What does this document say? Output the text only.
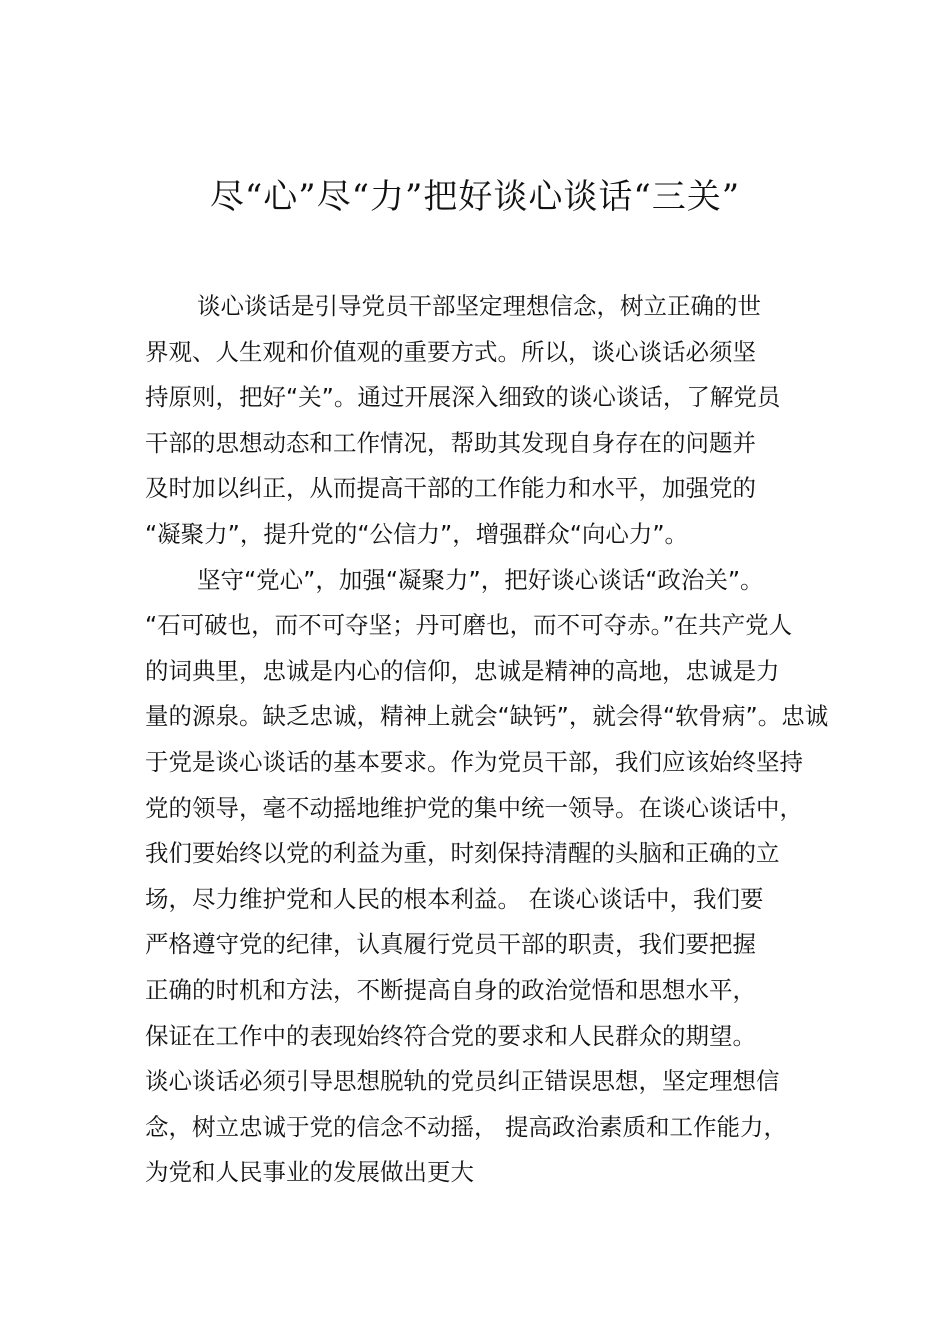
尽“心”尽“力”把好谈心谈话“三关”
谈心谈话是引导党员干部坚定理想信念，树立正确的世
界观、人生观和价值观的重要方式。所以，谈心谈话必须坚
持原则，把好“关”。通过开展深入细致的谈心谈话，了解党员
干部的思想动态和工作情况，帮助其发现自身存在的问题并
及时加以纠正，从而提高干部的工作能力和水平，加强党的
“凝聚力”，提升党的“公信力”，增强群众“向心力”。
坚守“党心”，加强“凝聚力”，把好谈心谈话“政治关”。
“石可破也，而不可夺坚；丹可磨也，而不可夺赤。”在共产党人
的词典里，忠诚是内心的信仰，忠诚是精神的高地，忠诚是力
量的源泉。缺乏忠诚，精神上就会“缺钙”，就会得“软骨病”。忠诚
于党是谈心谈话的基本要求。作为党员干部，我们应该始终坚持
党的领导，毫不动摇地维护党的集中统一领导。在谈心谈话中，
我们要始终以党的利益为重，时刻保持清醒的头脑和正确的立
场，尽力维护党和人民的根本利益。 在谈心谈话中，我们要
严格遵守党的纪律，认真履行党员干部的职责，我们要把握
正确的时机和方法，不断提高自身的政治觉悟和思想水平，
保证在工作中的表现始终符合党的要求和人民群众的期望。
谈心谈话必须引导思想脱轨的党员纠正错误思想，坚定理想信
念，树立忠诚于党的信念不动摇， 提高政治素质和工作能力，
为党和人民事业的发展做出更大
